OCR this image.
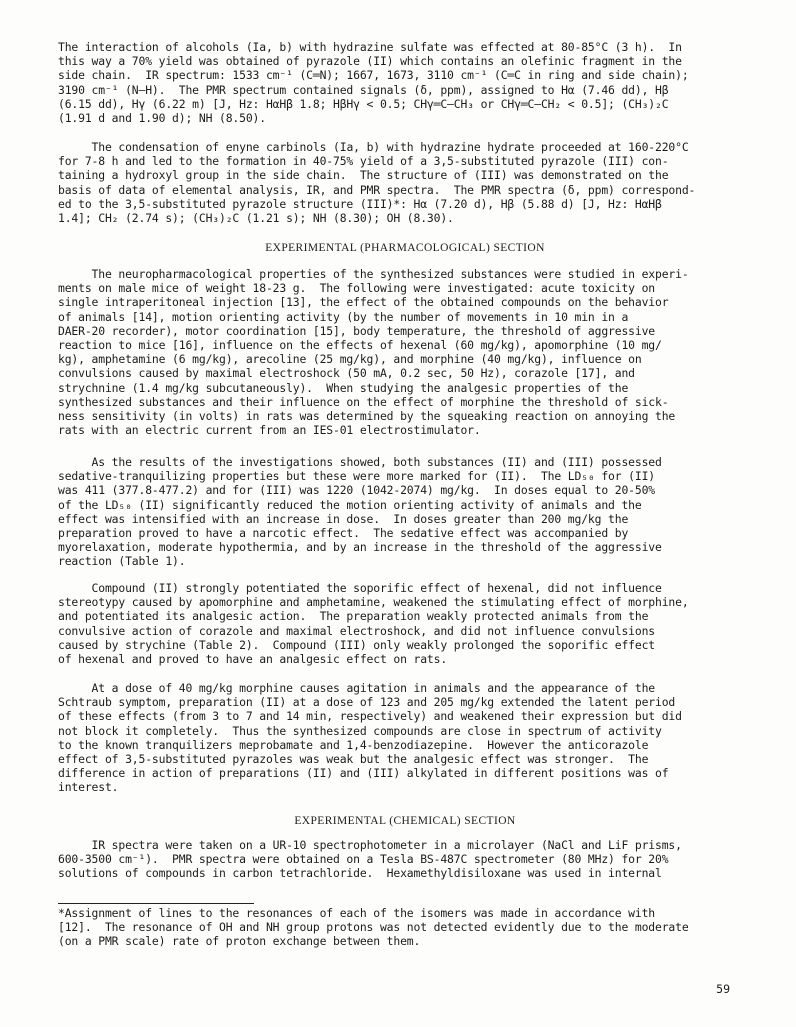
The interaction of alcohols (Ia, b) with hydrazine sulfate was effected at 80-85°C (3 h).  In
this way a 70% yield was obtained of pyrazole (II) which contains an olefinic fragment in the
side chain.  IR spectrum: 1533 cm⁻¹ (C═N); 1667, 1673, 3110 cm⁻¹ (C═C in ring and side chain);
3190 cm⁻¹ (N–H).  The PMR spectrum contained signals (δ, ppm), assigned to Hα (7.46 dd), Hβ
(6.15 dd), Hγ (6.22 m) [J, Hz: HαHβ 1.8; HβHγ < 0.5; CHγ═C–CH₃ or CHγ═C–CH₂ < 0.5]; (CH₃)₂C
(1.91 d and 1.90 d); NH (8.50).
The condensation of enyne carbinols (Ia, b) with hydrazine hydrate proceeded at 160-220°C
for 7-8 h and led to the formation in 40-75% yield of a 3,5-substituted pyrazole (III) con-
taining a hydroxyl group in the side chain.  The structure of (III) was demonstrated on the
basis of data of elemental analysis, IR, and PMR spectra.  The PMR spectra (δ, ppm) correspond-
ed to the 3,5-substituted pyrazole structure (III)*: Hα (7.20 d), Hβ (5.88 d) [J, Hz: HαHβ
1.4]; CH₂ (2.74 s); (CH₃)₂C (1.21 s); NH (8.30); OH (8.30).
EXPERIMENTAL (PHARMACOLOGICAL) SECTION
The neuropharmacological properties of the synthesized substances were studied in experi-
ments on male mice of weight 18-23 g.  The following were investigated: acute toxicity on
single intraperitoneal injection [13], the effect of the obtained compounds on the behavior
of animals [14], motion orienting activity (by the number of movements in 10 min in a
DAER-20 recorder), motor coordination [15], body temperature, the threshold of aggressive
reaction to mice [16], influence on the effects of hexenal (60 mg/kg), apomorphine (10 mg/
kg), amphetamine (6 mg/kg), arecoline (25 mg/kg), and morphine (40 mg/kg), influence on
convulsions caused by maximal electroshock (50 mA, 0.2 sec, 50 Hz), corazole [17], and
strychnine (1.4 mg/kg subcutaneously).  When studying the analgesic properties of the
synthesized substances and their influence on the effect of morphine the threshold of sick-
ness sensitivity (in volts) in rats was determined by the squeaking reaction on annoying the
rats with an electric current from an IES-01 electrostimulator.
As the results of the investigations showed, both substances (II) and (III) possessed
sedative-tranquilizing properties but these were more marked for (II).  The LD₅₀ for (II)
was 411 (377.8-477.2) and for (III) was 1220 (1042-2074) mg/kg.  In doses equal to 20-50%
of the LD₅₀ (II) significantly reduced the motion orienting activity of animals and the
effect was intensified with an increase in dose.  In doses greater than 200 mg/kg the
preparation proved to have a narcotic effect.  The sedative effect was accompanied by
myorelaxation, moderate hypothermia, and by an increase in the threshold of the aggressive
reaction (Table 1).
Compound (II) strongly potentiated the soporific effect of hexenal, did not influence
stereotypy caused by apomorphine and amphetamine, weakened the stimulating effect of morphine,
and potentiated its analgesic action.  The preparation weakly protected animals from the
convulsive action of corazole and maximal electroshock, and did not influence convulsions
caused by strychine (Table 2).  Compound (III) only weakly prolonged the soporific effect
of hexenal and proved to have an analgesic effect on rats.
At a dose of 40 mg/kg morphine causes agitation in animals and the appearance of the
Schtraub symptom, preparation (II) at a dose of 123 and 205 mg/kg extended the latent period
of these effects (from 3 to 7 and 14 min, respectively) and weakened their expression but did
not block it completely.  Thus the synthesized compounds are close in spectrum of activity
to the known tranquilizers meprobamate and 1,4-benzodiazepine.  However the anticorazole
effect of 3,5-substituted pyrazoles was weak but the analgesic effect was stronger.  The
difference in action of preparations (II) and (III) alkylated in different positions was of
interest.
EXPERIMENTAL (CHEMICAL) SECTION
IR spectra were taken on a UR-10 spectrophotometer in a microlayer (NaCl and LiF prisms,
600-3500 cm⁻¹).  PMR spectra were obtained on a Tesla BS-487C spectrometer (80 MHz) for 20%
solutions of compounds in carbon tetrachloride.  Hexamethyldisiloxane was used in internal
*Assignment of lines to the resonances of each of the isomers was made in accordance with
[12].  The resonance of OH and NH group protons was not detected evidently due to the moderate
(on a PMR scale) rate of proton exchange between them.
59
